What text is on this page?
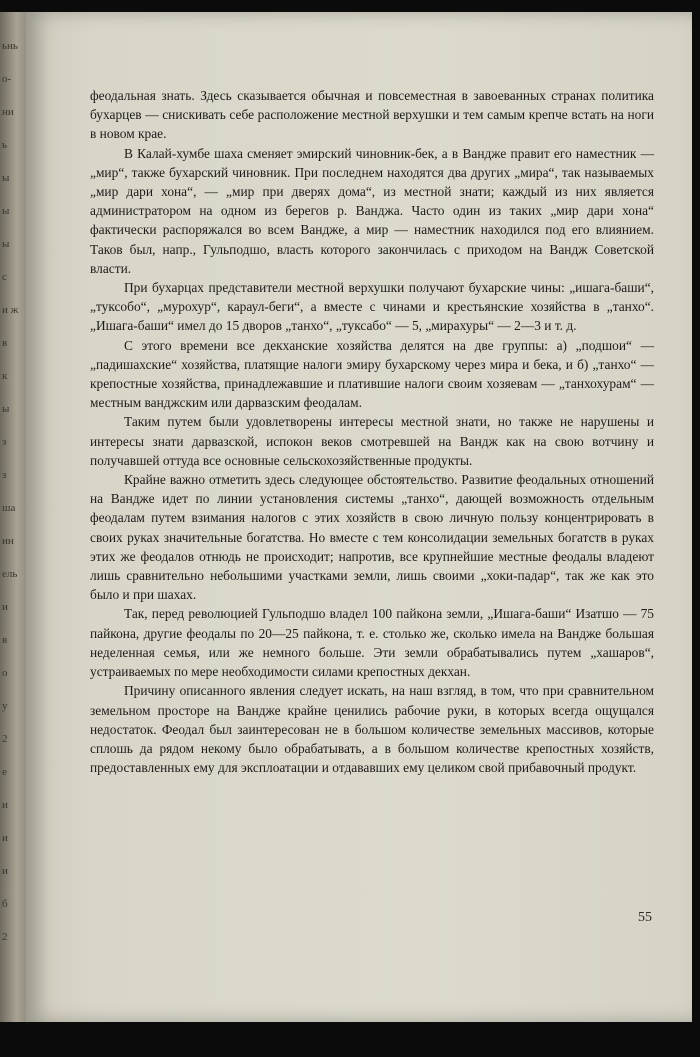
ьнь
о-
ни
ь
ы
ы
ы
с
и ж
в
к
ы
з
з
ша
ин
ель
и
в
о
у
2
е
и
и
и
б
2

феодальная знать. Здесь сказывается обычная и повсеместная в завоеванных странах политика бухарцев — снискивать себе расположение местной верхушки и тем самым крепче встать на ноги в новом крае.

В Калай-хумбе шаха сменяет эмирский чиновник-бек, а в Вандже правит его наместник — „мир“, также бухарский чиновник. При последнем находятся два других „мира“, так называемых „мир дари хона“, — „мир при дверях дома“, из местной знати; каждый из них является администратором на одном из берегов р. Ванджа. Часто один из таких „мир дари хона“ фактически распоряжался во всем Вандже, а мир — наместник находился под его влиянием. Таков был, напр., Гульподшо, власть которого закончилась с приходом на Вандж Советской власти.

При бухарцах представители местной верхушки получают бухарские чины: „ишага-баши“, „туксобо“, „мурохур“, караул-беги“, а вместе с чинами и крестьянские хозяйства в „танхо“. „Ишага-баши“ имел до 15 дворов „танхо“, „туксабо“ — 5, „мирахуры“ — 2—3 и т. д.

С этого времени все декханские хозяйства делятся на две группы: а) „подшои“ — „падишахские“ хозяйства, платящие налоги эмиру бухарскому через мира и бека, и б) „танхо“ — крепостные хозяйства, принадлежавшие и платившие налоги своим хозяевам — „танхохурам“ — местным ванджским или дарвазским феодалам.

Таким путем были удовлетворены интересы местной знати, но также не нарушены и интересы знати дарвазской, испокон веков смотревшей на Вандж как на свою вотчину и получавшей оттуда все основные сельскохозяйственные продукты.

Крайне важно отметить здесь следующее обстоятельство. Развитие феодальных отношений на Вандже идет по линии установления системы „танхо“, дающей возможность отдельным феодалам путем взимания налогов с этих хозяйств в свою личную пользу концентрировать в своих руках значительные богатства. Но вместе с тем консолидации земельных богатств в руках этих же феодалов отнюдь не происходит; напротив, все крупнейшие местные феодалы владеют лишь сравнительно небольшими участками земли, лишь своими „хоки-падар“, так же как это было и при шахах.

Так, перед революцией Гульподшо владел 100 пайкона земли, „Ишага-баши“ Изатшо — 75 пайкона, другие феодалы по 20—25 пайкона, т. е. столько же, сколько имела на Вандже большая неделенная семья, или же немного больше. Эти земли обрабатывались путем „хашаров“, устраиваемых по мере необходимости силами крепостных декхан.

Причину описанного явления следует искать, на наш взгляд, в том, что при сравнительном земельном просторе на Вандже крайне ценились рабочие руки, в которых всегда ощущался недостаток. Феодал был заинтересован не в большом количестве земельных массивов, которые сплошь да рядом некому было обрабатывать, а в большом количестве крепостных хозяйств, предоставленных ему для эксплоатации и отдававших ему целиком свой прибавочный продукт.

55
